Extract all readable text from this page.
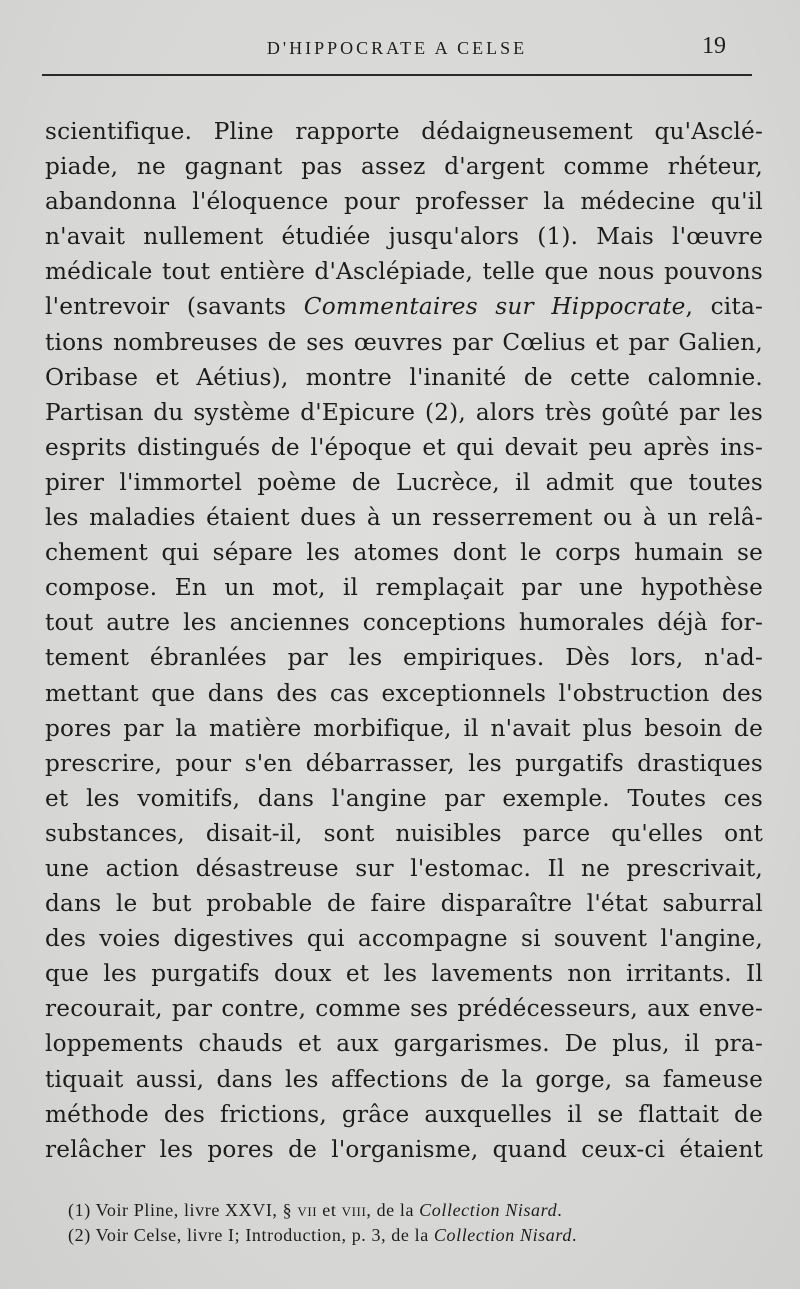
D'HIPPOCRATE A CELSE	19
scientifique. Pline rapporte dédaigneusement qu'Asclé-
piade, ne gagnant pas assez d'argent comme rhéteur,
abandonna l'éloquence pour professer la médecine qu'il
n'avait nullement étudiée jusqu'alors (1). Mais l'œuvre
médicale tout entière d'Asclépiade, telle que nous pouvons
l'entrevoir (savants Commentaires sur Hippocrate, cita-
tions nombreuses de ses œuvres par Cœlius et par Galien,
Oribase et Aétius), montre l'inanité de cette calomnie.
Partisan du système d'Epicure (2), alors très goûté par les
esprits distingués de l'époque et qui devait peu après ins-
pirer l'immortel poème de Lucrèce, il admit que toutes
les maladies étaient dues à un resserrement ou à un relâ-
chement qui sépare les atomes dont le corps humain se
compose. En un mot, il remplaçait par une hypothèse
tout autre les anciennes conceptions humorales déjà for-
tement ébranlées par les empiriques. Dès lors, n'ad-
mettant que dans des cas exceptionnels l'obstruction des
pores par la matière morbifique, il n'avait plus besoin de
prescrire, pour s'en débarrasser, les purgatifs drastiques
et les vomitifs, dans l'angine par exemple. Toutes ces
substances, disait-il, sont nuisibles parce qu'elles ont
une action désastreuse sur l'estomac. Il ne prescrivait,
dans le but probable de faire disparaître l'état saburral
des voies digestives qui accompagne si souvent l'angine,
que les purgatifs doux et les lavements non irritants. Il
recourait, par contre, comme ses prédécesseurs, aux enve-
loppements chauds et aux gargarismes. De plus, il pra-
tiquait aussi, dans les affections de la gorge, sa fameuse
méthode des frictions, grâce auxquelles il se flattait de
relâcher les pores de l'organisme, quand ceux-ci étaient
(1) Voir Pline, livre XXVI, § vii et viii, de la Collection Nisard.
(2) Voir Celse, livre I; Introduction, p. 3, de la Collection Nisard.
